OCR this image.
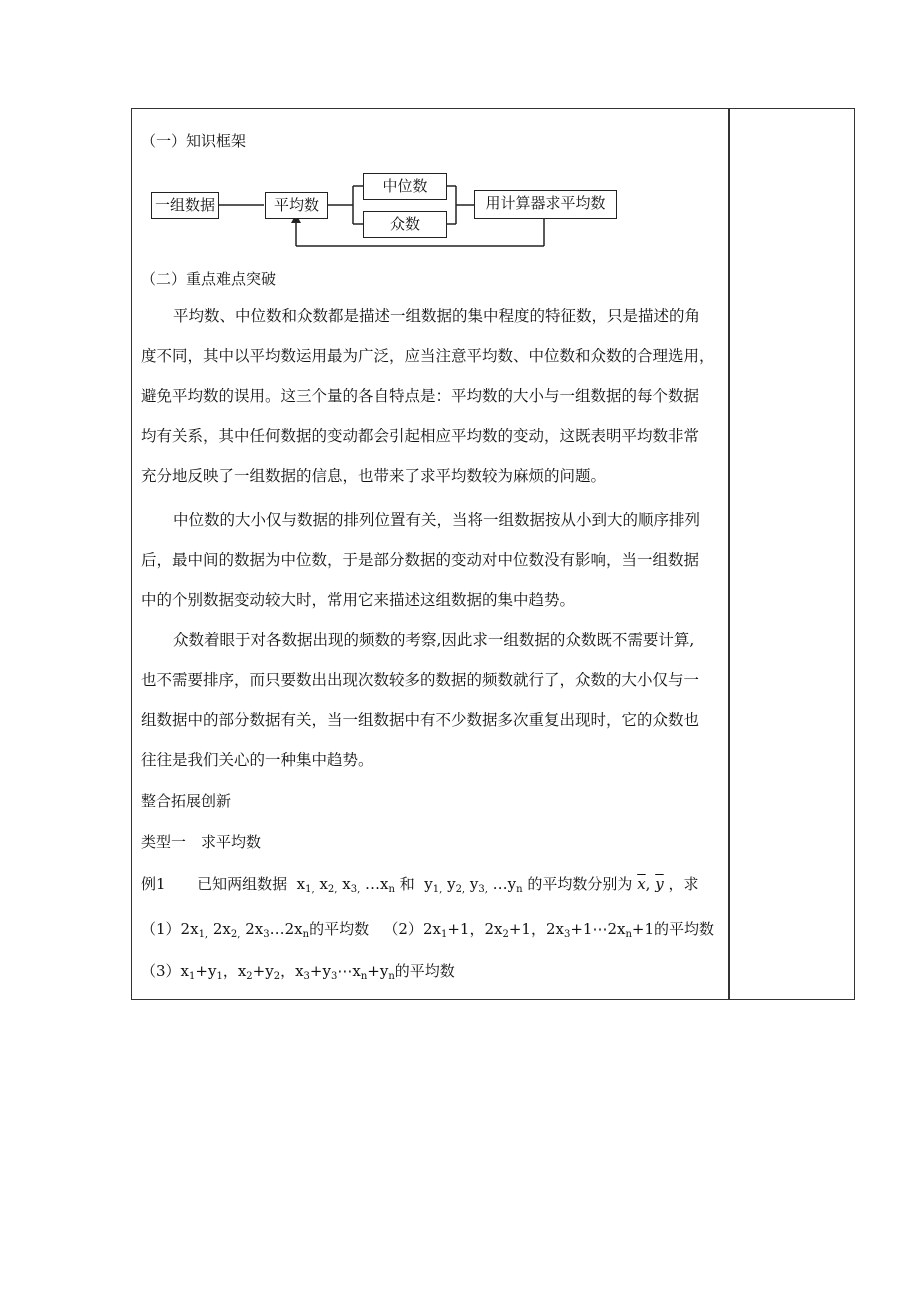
（一）知识框架
一组数据	平均数
中位数
众数
用计算器求平均数
（二）重点难点突破
平均数、中位数和众数都是描述一组数据的集中程度的特征数，只是描述的角
度不同，其中以平均数运用最为广泛，应当注意平均数、中位数和众数的合理选用，
避免平均数的误用。这三个量的各自特点是：平均数的大小与一组数据的每个数据
均有关系，其中任何数据的变动都会引起相应平均数的变动，这既表明平均数非常
充分地反映了一组数据的信息，也带来了求平均数较为麻烦的问题。
中位数的大小仅与数据的排列位置有关，当将一组数据按从小到大的顺序排列
后，最中间的数据为中位数，于是部分数据的变动对中位数没有影响，当一组数据
中的个别数据变动较大时，常用它来描述这组数据的集中趋势。
众数着眼于对各数据出现的频数的考察,因此求一组数据的众数既不需要计算,
也不需要排序，而只要数出出现次数较多的数据的频数就行了，众数的大小仅与一
组数据中的部分数据有关，当一组数据中有不少数据多次重复出现时，它的众数也
往往是我们关心的一种集中趋势。
整合拓展创新
类型一　求平均数
例1 已知两组数据  $x_{1,}$ $x_{2,}$ $x_{3,}$ $\dots x_n$ 和  $y_{1,}$ $y_{2,}$ $y_{3,}$ $\dots y_n$ 的平均数分别为 $\overline{x}$, $\overline{y}$ ，求
$(1)2x_{1,}$ $2x_{2,}$ $2x_3\dots 2x_n$的平均数 $(2)2x_1+1$，$2x_2+1$，$2x_3+1\cdots 2x_n+1$的平均数
$(3)x_1+y_1$，$x_2+y_2$，$x_3+y_3\cdots x_n+y_n$的平均数
